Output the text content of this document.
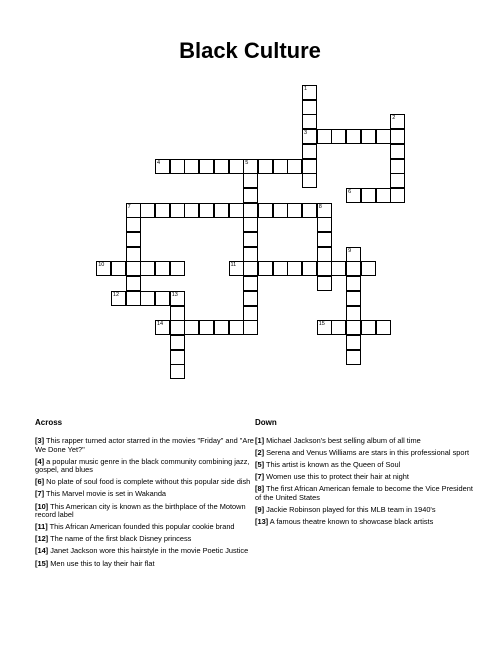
Black Culture
1
3
2
4	5
6
7	8
9
10	11
12	13
14	15
Across
[3] This rapper turned actor starred in the movies "Friday" and "Are We Done Yet?"
[4] a popular music genre in the black community combining jazz, gospel, and blues
[6] No plate of soul food is complete without this popular side dish
[7] This Marvel movie is set in Wakanda
[10] This American city is known as the birthplace of the Motown record label
[11] This African American founded this popular cookie brand
[12] The name of the first black Disney princess
[14] Janet Jackson wore this hairstyle in the movie Poetic Justice
[15] Men use this to lay their hair flat
Down
[1] Michael Jackson's best selling album of all time
[2] Serena and Venus Williams are stars in this professional sport
[5] This artist is known as the Queen of Soul
[7] Women use this to protect their hair at night
[8] The first African American female to become the Vice President of the United States
[9] Jackie Robinson played for this MLB team in 1940's
[13] A famous theatre known to showcase black artists
